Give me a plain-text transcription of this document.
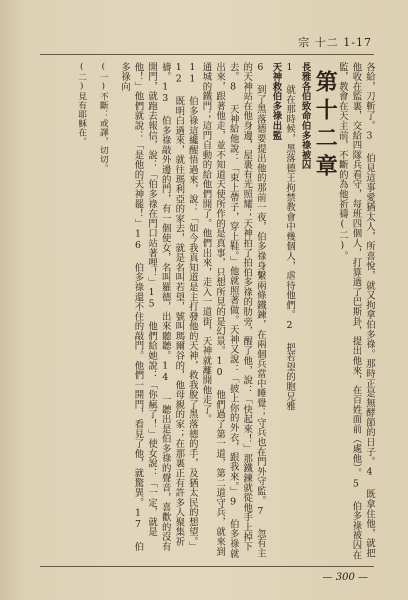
宗 十二 1-17
各給，刀斬了。3 伯見這事愛猶太人，所喜悅，就又拘拿伯多祿。那時正是無酵節的日子。4 既拿住他，就把他收在監裏，交給四隊兵看守，每班四個人，打算過了巴斯卦，提出他來，在百姓面前（處他）。5 伯多祿被囚在監，教會在天主前，不斷的為他祈禱(二)。
第十二章
長雅各伯致命伯多祿被囚
1 就在那時候，黑落德王拘禁教會中幾個人，虐待他們。2 把若望的胞兄雅
天神救伯多祿出監
6 到了黑落德要提出他的那前一夜，伯多祿身繫兩條鐵鍊，在兩個兵當中睡覺；守兵也在門外守監。7 忽有主的天神站在他身邊，屋裏有光照耀；天神拍了拍伯多祿的肋旁，醒了他，說：「快起來！」那鐵鍊就從他手上掉下去。8 天神給他說：「束上帶子，穿上鞋。」他就照著做。天神又說：「披上你的外衣，跟我來。」9 伯多祿就出來，跟著他走，並不知道天使所作的是真事，只想所見的是幻景。10 他們過了第一道，第二道守兵，就來到通城的鐵門；這門自動的給他們開了。他們出來，走入一道街，天神就離開他走了。
11 伯多祿這纔醒悟過來，說：「如今我真知道是主打發他的天神，救我脫了黑落德的手，及猶太民的想望。」12 既明白過來，就往瑪利亞的家去，就是名叫若望，號叫瑪爾谷的，他母親的家；在那裏正有許多人聚集祈禱。13 伯多祿敲外邊的門，有一個使女，名叫羅德，出來聽聽。14 一聽出是伯多祿的聲音，喜歡的沒有開門，就跑去報信，說：「伯多祿在門口站著哩！」15 他們給她說：「你瘋了！」使女說：「一定，就是他！」他們就說：「是他的天神罷！」16 伯多祿還不住的敲門。他們一開門，看見了他，就驚異。17 伯多祿向
(一)不斷：或譯，切切。
(二)見有耶穌在。
— 300 —
